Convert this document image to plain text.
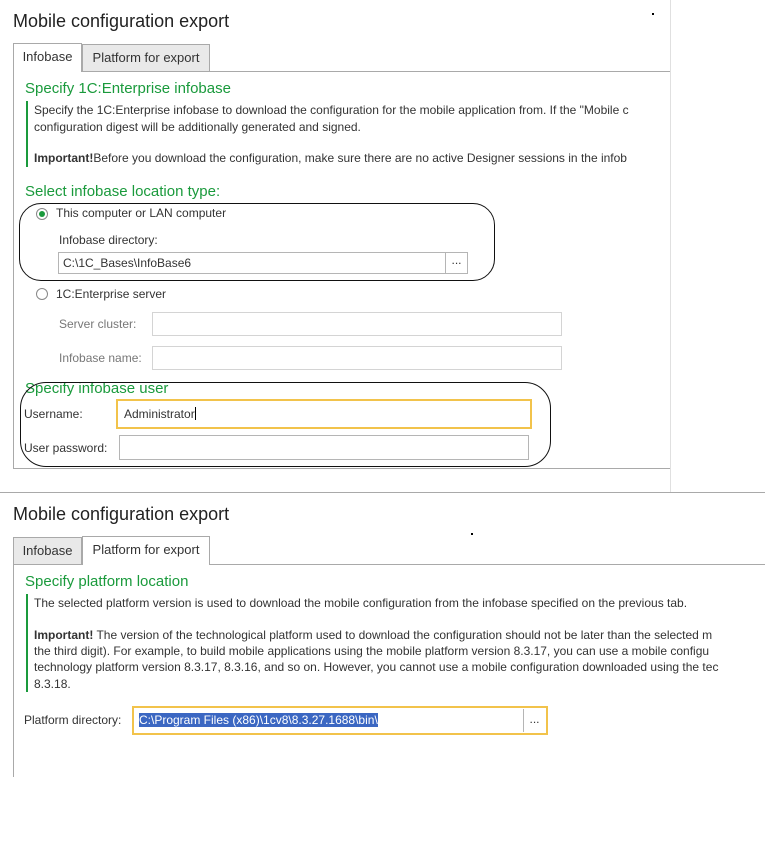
Mobile configuration export
Infobase	Platform for export
Specify 1C:Enterprise infobase
Specify the 1C:Enterprise infobase to download the configuration for the mobile application from. If the "Mobile c
configuration digest will be additionally generated and signed.
Important!Before you download the configuration, make sure there are no active Designer sessions in the infob
Select infobase location type:
This computer or LAN computer
Infobase directory:
C:\1C_Bases\InfoBase6	...
1C:Enterprise server
Server cluster:
Infobase name:
Specify infobase user
Username:	Administrator
User password:
Mobile configuration export
Infobase	Platform for export
Specify platform location
The selected platform version is used to download the mobile configuration from the infobase specified on the previous tab.
Important! The version of the technological platform used to download the configuration should not be later than the selected m
the third digit). For example, to build mobile applications using the mobile platform version 8.3.17, you can use a mobile configu
technology platform version 8.3.17, 8.3.16, and so on. However, you cannot use a mobile configuration downloaded using the tec
8.3.18.
Platform directory: C:\Program Files (x86)\1cv8\8.3.27.1688\bin\	...
